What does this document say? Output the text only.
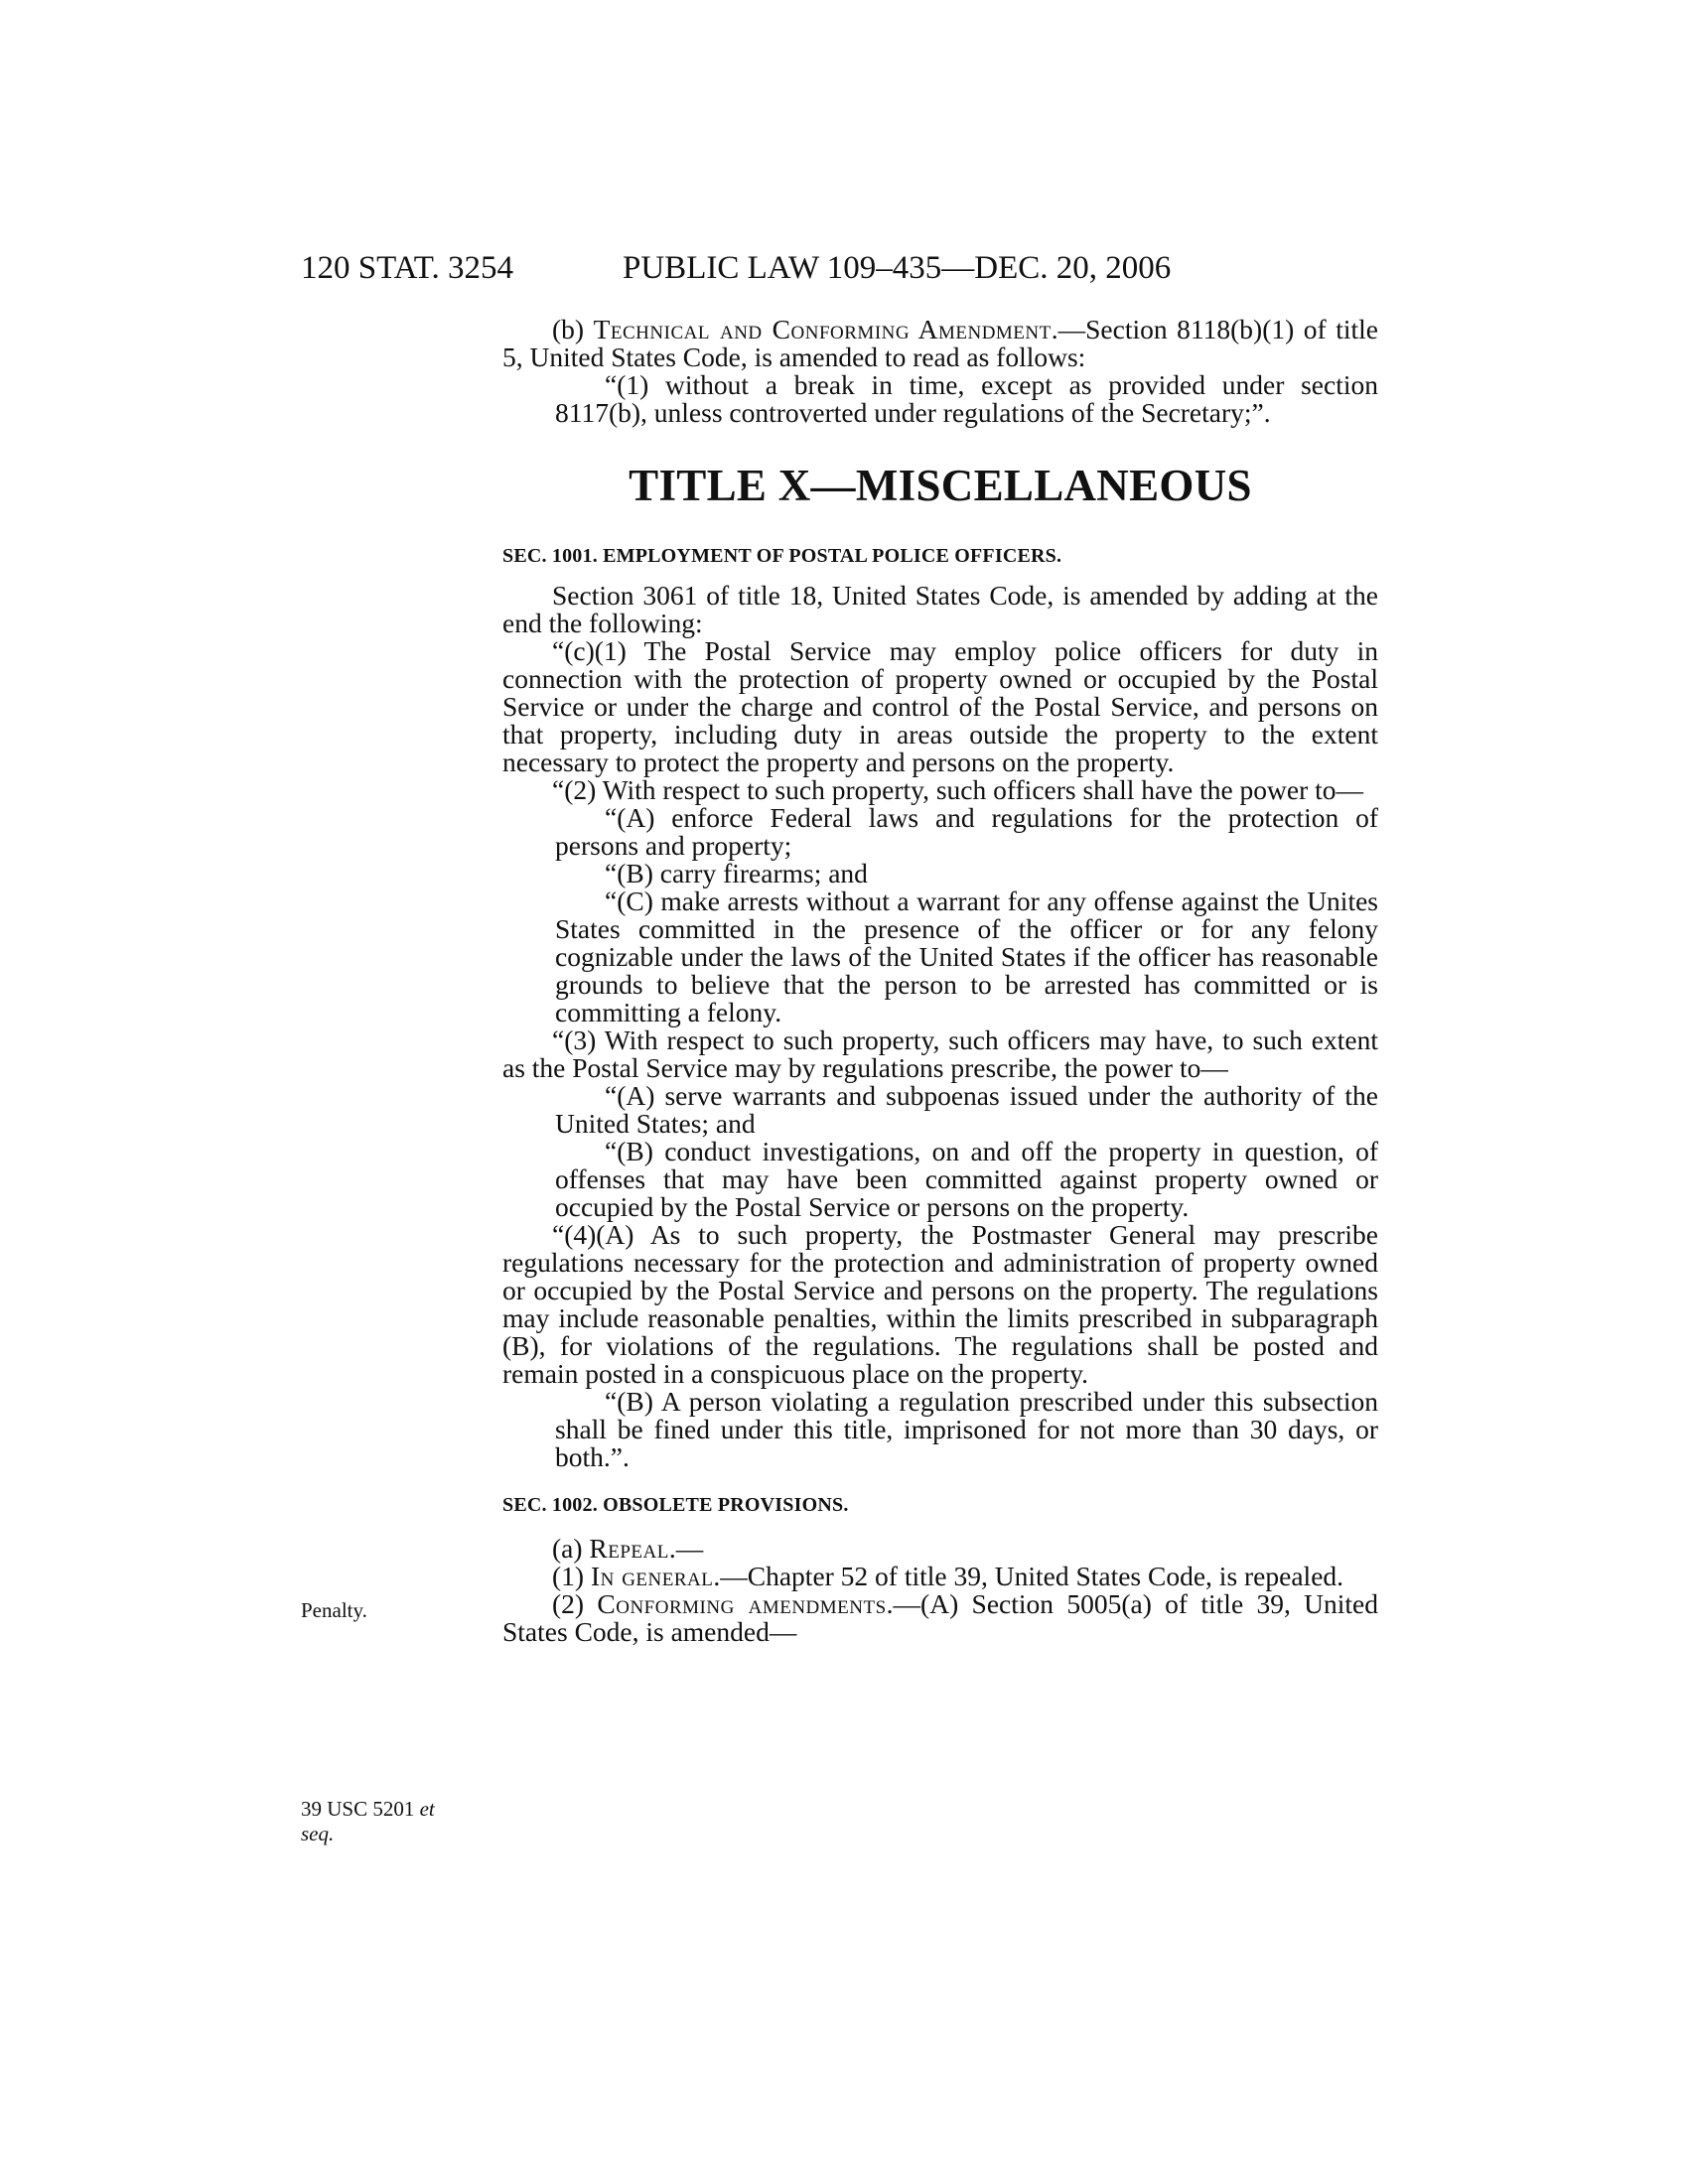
120 STAT. 3254	PUBLIC LAW 109–435—DEC. 20, 2006
Penalty.
39 USC 5201 et
seq.

(b) Technical and Conforming Amendment.—Section 8118(b)(1) of title 5, United States Code, is amended to read as follows:

“(1) without a break in time, except as provided under section 8117(b), unless controverted under regulations of the Secretary;”.

TITLE X—MISCELLANEOUS

SEC. 1001. EMPLOYMENT OF POSTAL POLICE OFFICERS.

Section 3061 of title 18, United States Code, is amended by adding at the end the following:

“(c)(1) The Postal Service may employ police officers for duty in connection with the protection of property owned or occupied by the Postal Service or under the charge and control of the Postal Service, and persons on that property, including duty in areas outside the property to the extent necessary to protect the property and persons on the property.

“(2) With respect to such property, such officers shall have the power to—

“(A) enforce Federal laws and regulations for the protection of persons and property;

“(B) carry firearms; and

“(C) make arrests without a warrant for any offense against the Unites States committed in the presence of the officer or for any felony cognizable under the laws of the United States if the officer has reasonable grounds to believe that the person to be arrested has committed or is committing a felony.

“(3) With respect to such property, such officers may have, to such extent as the Postal Service may by regulations prescribe, the power to—

“(A) serve warrants and subpoenas issued under the authority of the United States; and

“(B) conduct investigations, on and off the property in question, of offenses that may have been committed against property owned or occupied by the Postal Service or persons on the property.

“(4)(A) As to such property, the Postmaster General may prescribe regulations necessary for the protection and administration of property owned or occupied by the Postal Service and persons on the property. The regulations may include reasonable penalties, within the limits prescribed in subparagraph (B), for violations of the regulations. The regulations shall be posted and remain posted in a conspicuous place on the property.

“(B) A person violating a regulation prescribed under this subsection shall be fined under this title, imprisoned for not more than 30 days, or both.”.

SEC. 1002. OBSOLETE PROVISIONS.

(a) Repeal.—

(1) In general.—Chapter 52 of title 39, United States Code, is repealed.

(2) Conforming amendments.—(A) Section 5005(a) of title 39, United States Code, is amended—
